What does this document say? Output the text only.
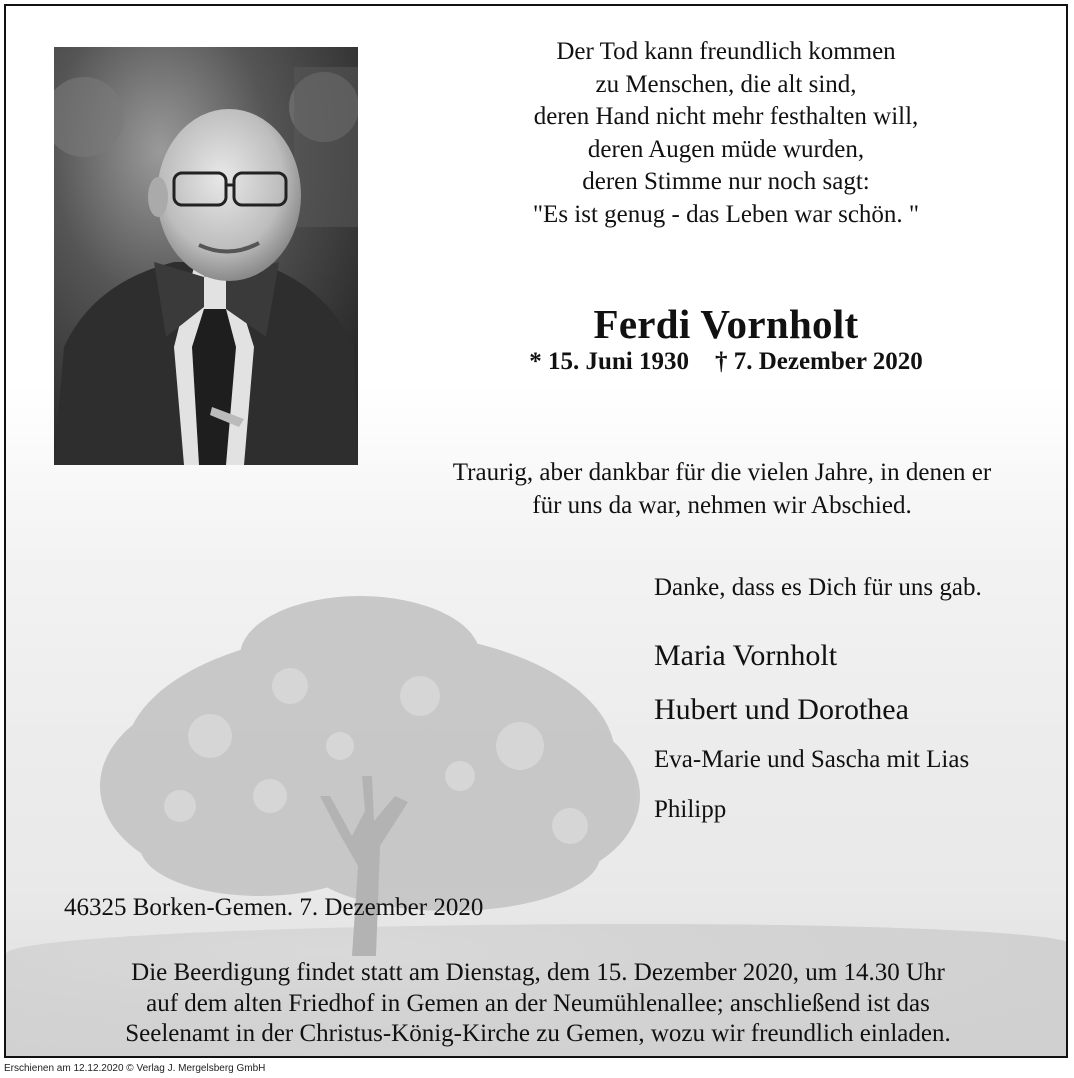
Der Tod kann freundlich kommen
zu Menschen, die alt sind,
deren Hand nicht mehr festhalten will,
deren Augen müde wurden,
deren Stimme nur noch sagt:
"Es ist genug - das Leben war schön. "
Ferdi Vornholt
* 15. Juni 1930 † 7. Dezember 2020
Traurig, aber dankbar für die vielen Jahre, in denen er
für uns da war, nehmen wir Abschied.
Danke, dass es Dich für uns gab.
Maria Vornholt
Hubert und Dorothea
Eva-Marie und Sascha mit Lias
Philipp
46325 Borken-Gemen. 7. Dezember 2020
Die Beerdigung findet statt am Dienstag, dem 15. Dezember 2020, um 14.30 Uhr
auf dem alten Friedhof in Gemen an der Neumühlenallee; anschließend ist das
Seelenamt in der Christus-König-Kirche zu Gemen, wozu wir freundlich einladen.
Erschienen am 12.12.2020 © Verlag J. Mergelsberg GmbH
